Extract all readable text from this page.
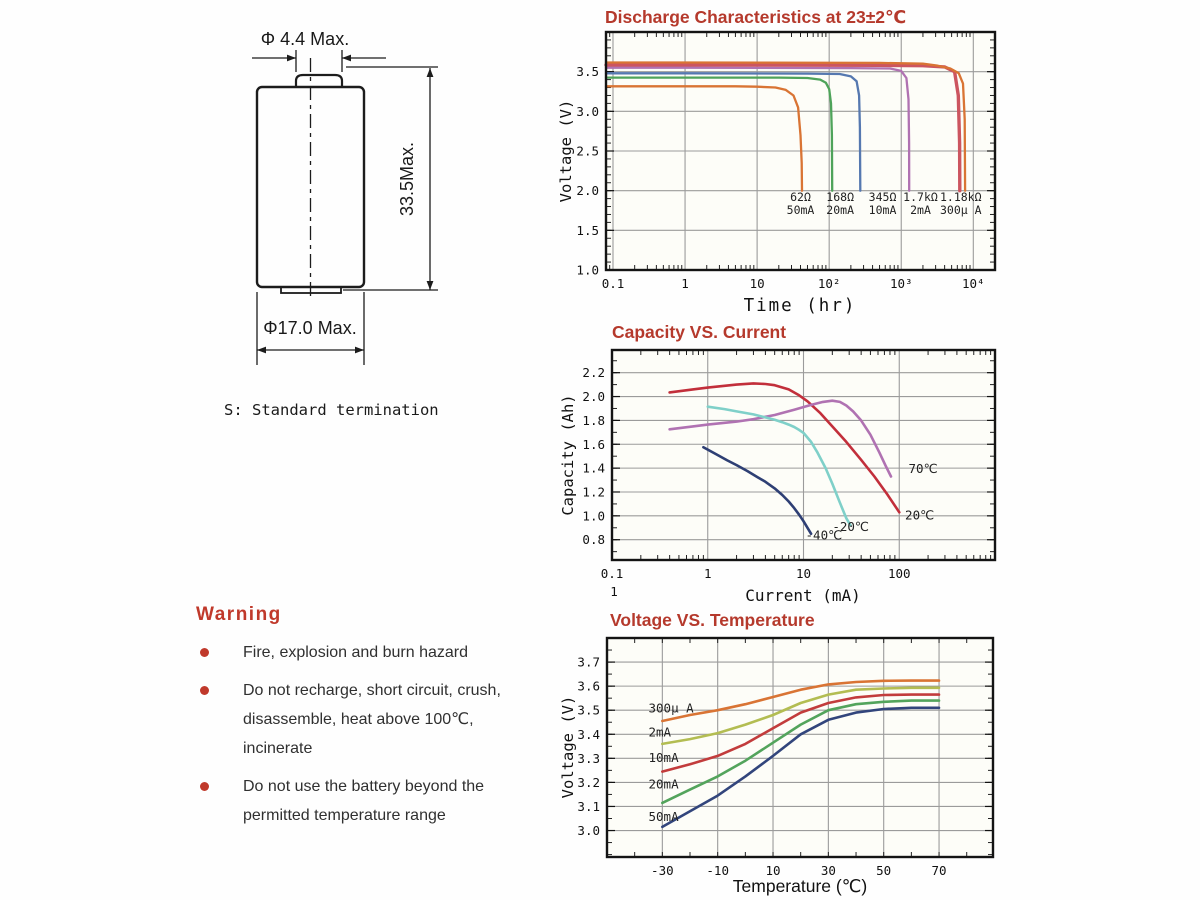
Φ 4.4 Max.
33.5Max.
Φ17.0 Max.
S: Standard termination
Warning
Fire, explosion and burn hazard
Do not recharge, short circuit, crush, disassemble, heat above 100℃, incinerate
Do not use the battery beyond the permitted temperature range
Discharge Characteristics at 23±2℃
1.0
1.5
2.0
2.5
3.0
3.5
0.1	1	10	10²	10³	10⁴
62Ω 50mA
168Ω 20mA
345Ω 10mA
1.7kΩ 2mA
1.18kΩ 300µ A
Voltage (V)
Time (hr)
Capacity VS. Current
0.8
1.0
1.2
1.4
1.6
1.8
2.0
2.2
0.1	1	10	100
1
70℃
20℃
-20℃
-40℃
Capacity (Ah)
Current (mA)
Voltage VS. Temperature
3.0
3.1
3.2
3.3
3.4
3.5
3.6
3.7
-30	-10	10	30	50	70
300µ A
2mA
10mA
20mA
50mA
Voltage (V)
Temperature (℃)
